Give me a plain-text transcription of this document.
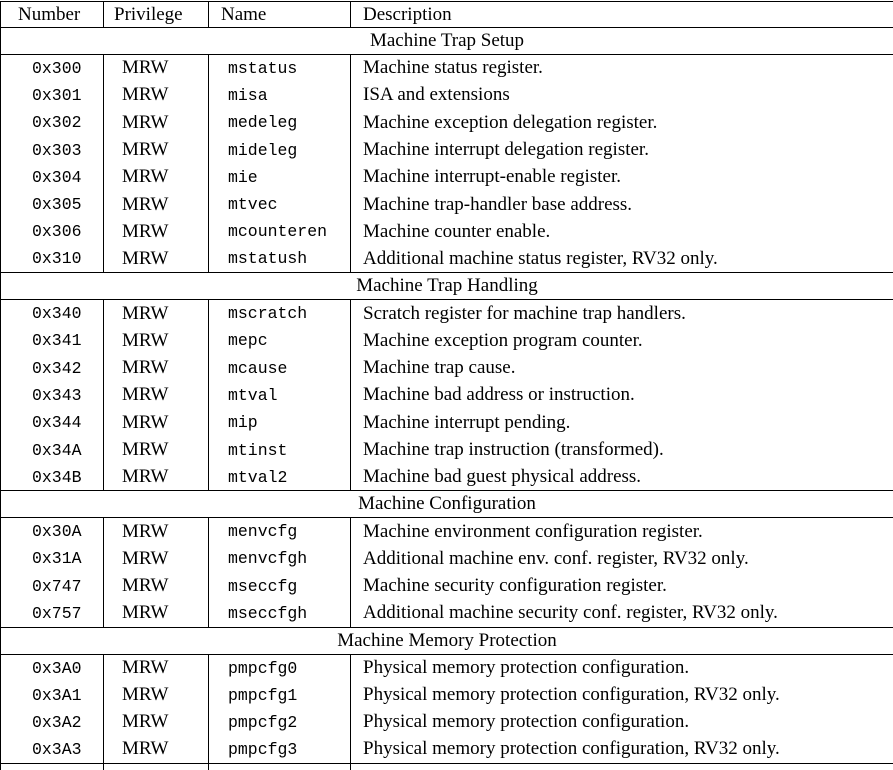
Number	Privilege	Name	Description
Machine Trap Setup			
0x300	MRW	mstatus	Machine status register.
0x301	MRW	misa	ISA and extensions
0x302	MRW	medeleg	Machine exception delegation register.
0x303	MRW	mideleg	Machine interrupt delegation register.
0x304	MRW	mie	Machine interrupt-enable register.
0x305	MRW	mtvec	Machine trap-handler base address.
0x306	MRW	mcounteren	Machine counter enable.
0x310	MRW	mstatush	Additional machine status register, RV32 only.
Machine Trap Handling			
0x340	MRW	mscratch	Scratch register for machine trap handlers.
0x341	MRW	mepc	Machine exception program counter.
0x342	MRW	mcause	Machine trap cause.
0x343	MRW	mtval	Machine bad address or instruction.
0x344	MRW	mip	Machine interrupt pending.
0x34A	MRW	mtinst	Machine trap instruction (transformed).
0x34B	MRW	mtval2	Machine bad guest physical address.
Machine Configuration			
0x30A	MRW	menvcfg	Machine environment configuration register.
0x31A	MRW	menvcfgh	Additional machine env. conf. register, RV32 only.
0x747	MRW	mseccfg	Machine security configuration register.
0x757	MRW	mseccfgh	Additional machine security conf. register, RV32 only.
Machine Memory Protection			
0x3A0	MRW	pmpcfg0	Physical memory protection configuration.
0x3A1	MRW	pmpcfg1	Physical memory protection configuration, RV32 only.
0x3A2	MRW	pmpcfg2	Physical memory protection configuration.
0x3A3	MRW	pmpcfg3	Physical memory protection configuration, RV32 only.
